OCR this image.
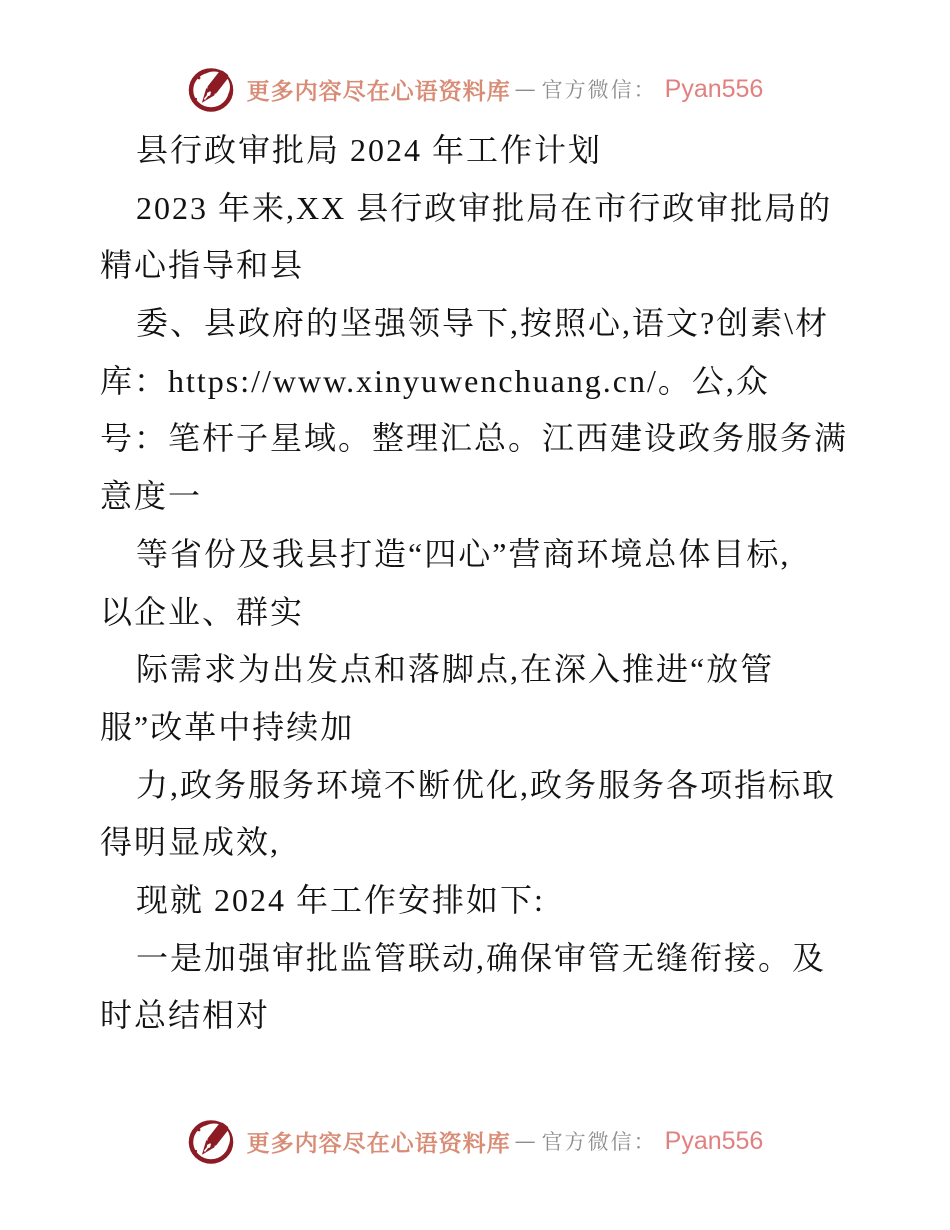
更多内容尽在心语资料库 — 官方微信： Pyan556
县行政审批局 2024 年工作计划
2023 年来,XX 县行政审批局在市行政审批局的
精心指导和县
委、县政府的坚强领导下,按照心,语文?创素\材
库：https://www.xinyuwenchuang.cn/。公,众
号：笔杆子星域。整理汇总。江西建设政务服务满
意度一
等省份及我县打造“四心”营商环境总体目标,
以企业、群实
际需求为出发点和落脚点,在深入推进“放管
服”改革中持续加
力,政务服务环境不断优化,政务服务各项指标取
得明显成效,
现就 2024 年工作安排如下:
一是加强审批监管联动,确保审管无缝衔接。及
时总结相对
更多内容尽在心语资料库 — 官方微信： Pyan556
